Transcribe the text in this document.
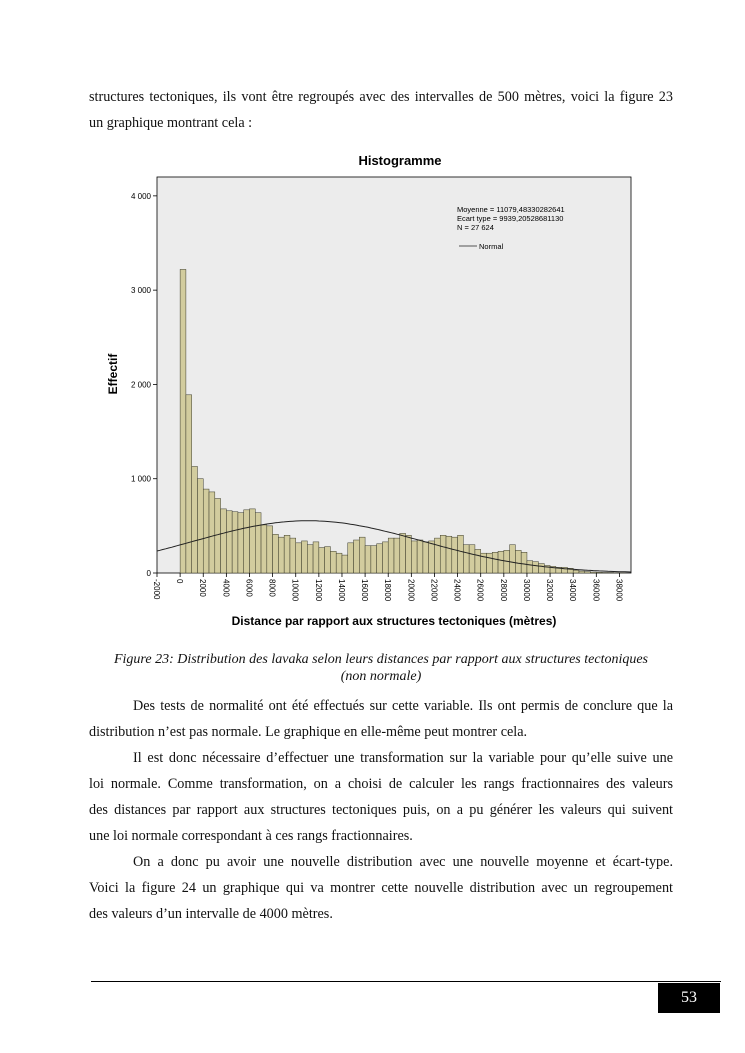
structures tectoniques, ils vont être regroupés avec des intervalles de 500 mètres, voici la figure 23

un graphique montrant cela :

Histogramme
0
1 000
2 000
3 000
4 000
-2000 0 2000 4000 6000 8000 10000 12000 14000 16000 18000 20000 22000 24000 26000 28000 30000 32000 34000 36000 38000
Effectif
Distance par rapport aux structures tectoniques (mètres)
Moyenne = 11079,48330282641
Ecart type = 9939,20528681130
N = 27 624
Normal
Figure 23: Distribution des lavaka selon leurs distances par rapport aux structures tectoniques
(non normale)

Des tests de normalité ont été effectués sur cette variable. Ils ont permis de conclure que la

distribution n’est pas normale. Le graphique en elle-même peut montrer cela.

Il est donc nécessaire d’effectuer une transformation sur la variable pour qu’elle suive une

loi normale. Comme transformation, on a choisi de calculer les rangs fractionnaires des valeurs

des distances par rapport aux structures tectoniques puis, on a pu générer les valeurs qui suivent

une loi normale correspondant à ces rangs fractionnaires.

On a donc pu avoir une nouvelle distribution avec une nouvelle moyenne et écart-type.

Voici la figure 24 un graphique qui va montrer cette nouvelle distribution avec un regroupement

des valeurs d’un intervalle de 4000 mètres.

53
